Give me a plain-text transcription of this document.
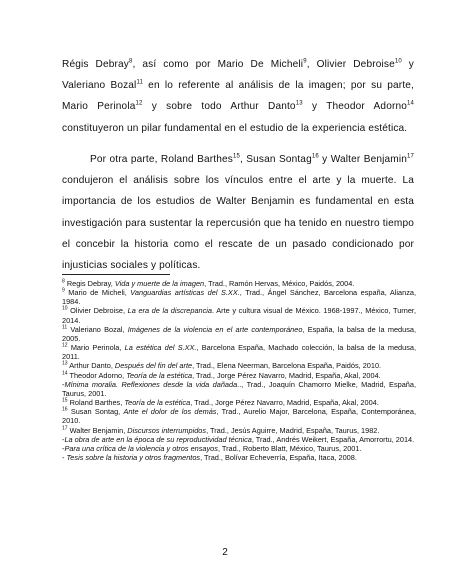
Régis Debray$^8$, así como por Mario De Micheli$^9$, Olivier Debroise$^{10}$ y Valeriano Bozal$^{11}$ en lo referente al análisis de la imagen; por su parte, Mario Perinola$^{12}$ y sobre todo Arthur Danto$^{13}$ y Theodor Adorno$^{14}$ constituyeron un pilar fundamental en el estudio de la experiencia estética.
Por otra parte, Roland Barthes$^{15}$, Susan Sontag$^{16}$ y Walter Benjamin$^{17}$ condujeron el análisis sobre los vínculos entre el arte y la muerte. La importancia de los estudios de Walter Benjamin es fundamental en esta investigación para sustentar la repercusión que ha tenido en nuestro tiempo el concebir la historia como el rescate de un pasado condicionado por injusticias sociales y políticas.

$^8$ Regis Debray, Vida y muerte de la imagen, Trad., Ramón Hervas, México, Paidós, 2004.

$^9$ Mario de Micheli, Vanguardias artísticas del S.XX., Trad., Ángel Sánchez, Barcelona españa, Alianza, 1984.

$^{10}$ Olivier Debroise, La era de la discrepancia. Arte y cultura visual de México. 1968-1997., México, Turner, 2014.

$^{11}$ Valeriano Bozal, Imágenes de la violencia en el arte contemporáneo, España, la balsa de la medusa, 2005.

$^{12}$ Mario Perinola, La estética del S.XX., Barcelona España, Machado colección, la balsa de la medusa, 2011.

$^{13}$ Arthur Danto, Después del fin del arte, Trad., Elena Neerman, Barcelona España, Paidós, 2010.

$^{14}$ Theodor Adorno, Teoría de la estética, Trad., Jorge Pérez Navarro, Madrid, España, Akal, 2004.

-Mínima moralia. Reflexiones desde la vida dañada.., Trad., Joaquín Chamorro Mielke, Madrid, España, Taurus, 2001.

$^{15}$ Roland Barthes, Teoría de la estética, Trad., Jorge Pérez Navarro, Madrid, España, Akal, 2004.

$^{16}$ Susan Sontag, Ante el dolor de los demás, Trad., Aurelio Major, Barcelona, España, Contemporánea, 2010.

$^{17}$ Walter Benjamin, Discursos interrumpidos, Trad., Jesús Aguirre, Madrid, España, Taurus, 1982.

-La obra de arte en la época de su reproductividad técnica, Trad., Andrés Weikert, España, Amorrortu, 2014.

-Para una crítica de la violencia y otros ensayos, Trad., Roberto Blatt, México, Taurus, 2001.

- Tesis sobre la historia y otros fragmentos, Trad., Bolívar Echeverría, España, Itaca, 2008.

2
